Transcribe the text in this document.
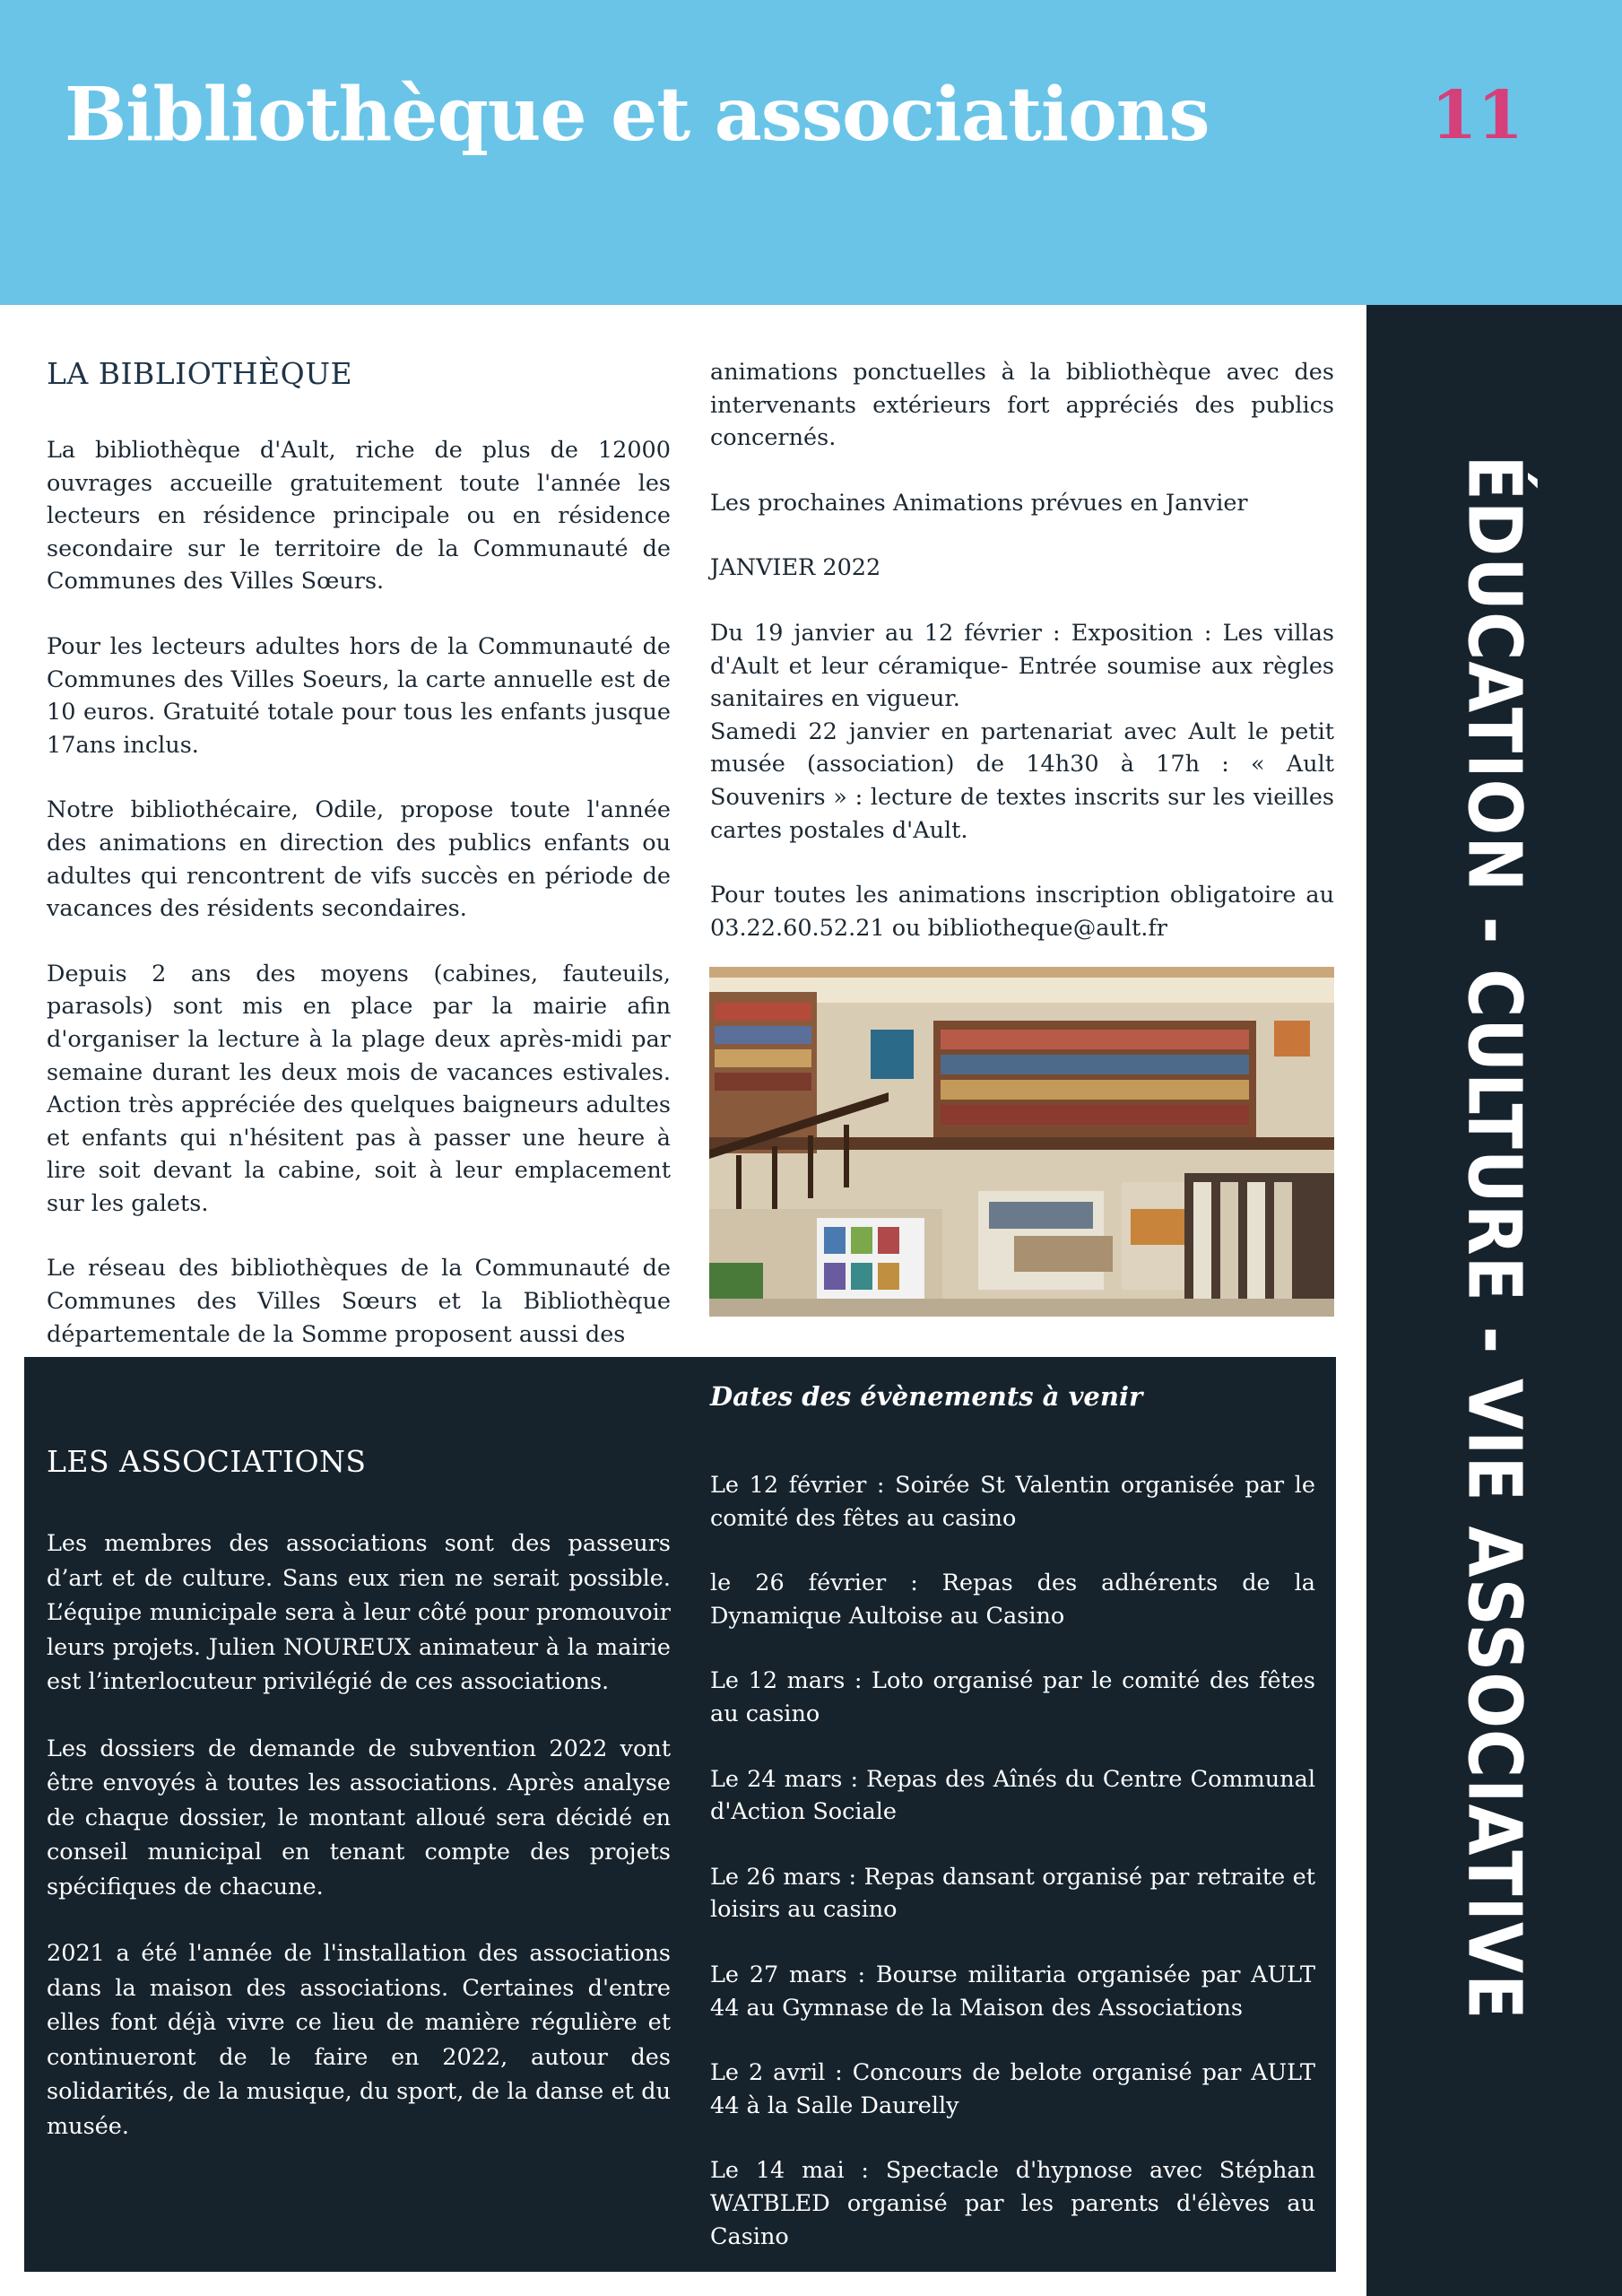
Bibliothèque et associations	11
ÉDUCATION - CULTURE - VIE ASSOCIATIVE
LA BIBLIOTHÈQUE

La bibliothèque d'Ault, riche de plus de 12000 ouvrages accueille gratuitement toute l'année les lecteurs en résidence principale ou en résidence secondaire sur le territoire de la Communauté de Communes des Villes Sœurs.

Pour les lecteurs adultes hors de la Communauté de Communes des Villes Soeurs, la carte annuelle est de 10 euros. Gratuité totale pour tous les enfants jusque 17ans inclus.

Notre bibliothécaire, Odile, propose toute l'année des animations en direction des publics enfants ou adultes qui rencontrent de vifs succès en période de vacances des résidents secondaires.

Depuis 2 ans des moyens (cabines, fauteuils, parasols) sont mis en place par la mairie afin d'organiser la lecture à la plage deux après-midi par semaine durant les deux mois de vacances estivales. Action très appréciée des quelques baigneurs adultes et enfants qui n'hésitent pas à passer une heure à lire soit devant la cabine, soit à leur emplacement sur les galets.

Le réseau des bibliothèques de la Communauté de Communes des Villes Sœurs et la Bibliothèque départementale de la Somme proposent aussi des

animations ponctuelles à la bibliothèque avec des intervenants extérieurs fort appréciés des publics concernés.

Les prochaines Animations prévues en Janvier

JANVIER 2022

Du 19 janvier au 12 février : Exposition : Les villas d'Ault et leur céramique- Entrée soumise aux règles sanitaires en vigueur.

Samedi 22 janvier en partenariat avec Ault le petit musée (association) de 14h30 à 17h : « Ault Souvenirs » : lecture de textes inscrits sur les vieilles cartes postales d'Ault.

Pour toutes les animations inscription obligatoire au 03.22.60.52.21 ou bibliotheque@ault.fr

LES ASSOCIATIONS

Les membres des associations sont des passeurs d’art et de culture. Sans eux rien ne serait possible. L’équipe municipale sera à leur côté pour promouvoir leurs projets. Julien NOUREUX animateur à la mairie est l’interlocuteur privilégié de ces associations.

Les dossiers de demande de subvention 2022 vont être envoyés à toutes les associations. Après analyse de chaque dossier, le montant alloué sera décidé en conseil municipal en tenant compte des projets spécifiques de chacune.

2021 a été l'année de l'installation des associations dans la maison des associations. Certaines d'entre elles font déjà vivre ce lieu de manière régulière et continueront de le faire en 2022, autour des solidarités, de la musique, du sport, de la danse et du musée.

Dates des évènements à venir

Le 12 février : Soirée St Valentin organisée par le comité des fêtes au casino

le 26 février : Repas des adhérents de la Dynamique Aultoise au Casino

Le 12 mars : Loto organisé par le comité des fêtes au casino

Le 24 mars : Repas des Aînés du Centre Communal d'Action Sociale

Le 26 mars : Repas dansant organisé par retraite et loisirs au casino

Le 27 mars : Bourse militaria organisée par AULT 44 au Gymnase de la Maison des Associations

Le 2 avril : Concours de belote organisé par AULT 44 à la Salle Daurelly

Le 14 mai : Spectacle d'hypnose avec Stéphan WATBLED organisé par les parents d'élèves au Casino
